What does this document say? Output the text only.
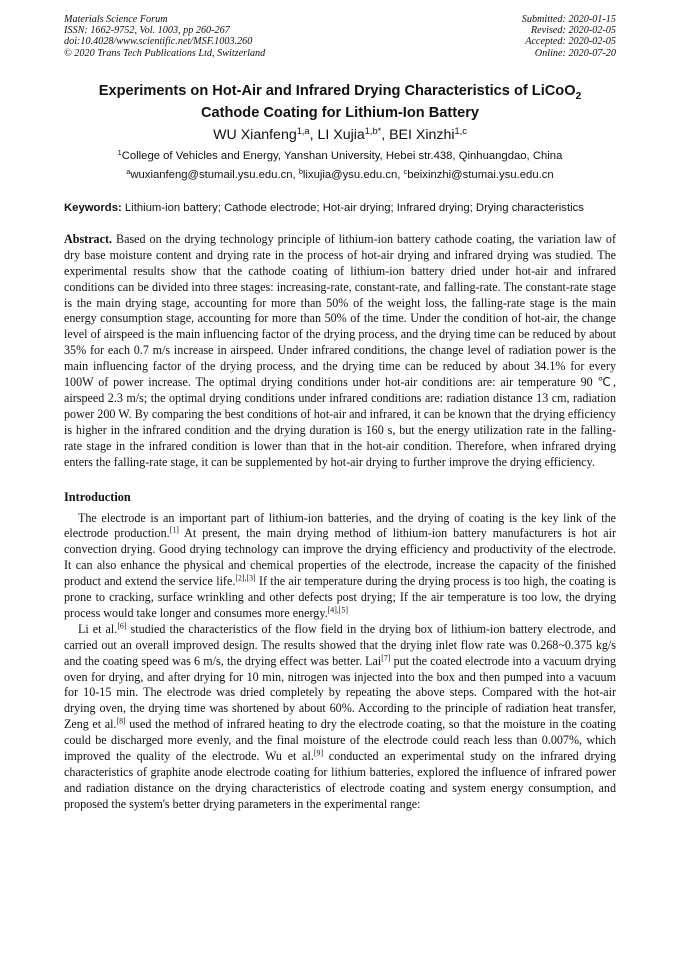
Materials Science Forum
ISSN: 1662-9752, Vol. 1003, pp 260-267
doi:10.4028/www.scientific.net/MSF.1003.260
© 2020 Trans Tech Publications Ltd, Switzerland
Submitted: 2020-01-15
Revised: 2020-02-05
Accepted: 2020-02-05
Online: 2020-07-20
Experiments on Hot-Air and Infrared Drying Characteristics of LiCoO$_2$
Cathode Coating for Lithium-Ion Battery
WU Xianfeng$^{1,a}$, LI Xujia$^{1,b*}$, BEI Xinzhi$^{1,c}$
$^1$College of Vehicles and Energy, Yanshan University, Hebei str.438, Qinhuangdao, China
$^a$wuxianfeng@stumail.ysu.edu.cn, $^b$lixujia@ysu.edu.cn, $^c$beixinzhi@stumai.ysu.edu.cn
Keywords: Lithium-ion battery; Cathode electrode; Hot-air drying; Infrared drying; Drying characteristics
Abstract. Based on the drying technology principle of lithium-ion battery cathode coating, the variation law of dry base moisture content and drying rate in the process of hot-air drying and infrared drying was studied. The experimental results show that the cathode coating of lithium-ion battery dried under hot-air and infrared conditions can be divided into three stages: increasing-rate, constant-rate, and falling-rate. The constant-rate stage is the main drying stage, accounting for more than 50% of the weight loss, the falling-rate stage is the main energy consumption stage, accounting for more than 50% of the time. Under the condition of hot-air, the change level of airspeed is the main influencing factor of the drying process, and the drying time can be reduced by about 35% for each 0.7 m/s increase in airspeed. Under infrared conditions, the change level of radiation power is the main influencing factor of the drying process, and the drying time can be reduced by about 34.1% for every 100W of power increase. The optimal drying conditions under hot-air conditions are: air temperature 90 ℃, airspeed 2.3 m/s; the optimal drying conditions under infrared conditions are: radiation distance 13 cm, radiation power 200 W. By comparing the best conditions of hot-air and infrared, it can be known that the drying efficiency is higher in the infrared condition and the drying duration is 160 s, but the energy utilization rate in the falling-rate stage in the infrared condition is lower than that in the hot-air condition. Therefore, when infrared drying enters the falling-rate stage, it can be supplemented by hot-air drying to further improve the drying efficiency.
Introduction
The electrode is an important part of lithium-ion batteries, and the drying of coating is the key link of the electrode production.[1] At present, the main drying method of lithium-ion battery manufacturers is hot air convection drying. Good drying technology can improve the drying efficiency and productivity of the electrode. It can also enhance the physical and chemical properties of the electrode, increase the capacity of the finished product and extend the service life.[2],[3] If the air temperature during the drying process is too high, the coating is prone to cracking, surface wrinkling and other defects post drying; If the air temperature is too low, the drying process would take longer and consumes more energy.[4],[5]
Li et al.[6] studied the characteristics of the flow field in the drying box of lithium-ion battery electrode, and carried out an overall improved design. The results showed that the drying inlet flow rate was 0.268~0.375 kg/s and the coating speed was 6 m/s, the drying effect was better. Lai[7] put the coated electrode into a vacuum drying oven for drying, and after drying for 10 min, nitrogen was injected into the box and then pumped into a vacuum for 10-15 min. The electrode was dried completely by repeating the above steps. Compared with the hot-air drying oven, the drying time was shortened by about 60%. According to the principle of radiation heat transfer, Zeng et al.[8] used the method of infrared heating to dry the electrode coating, so that the moisture in the coating could be discharged more evenly, and the final moisture of the electrode could reach less than 0.007%, which improved the quality of the electrode. Wu et al.[9] conducted an experimental study on the infrared drying characteristics of graphite anode electrode coating for lithium batteries, explored the influence of infrared power and radiation distance on the drying characteristics of electrode coating and system energy consumption, and proposed the system's better drying parameters in the experimental range:
